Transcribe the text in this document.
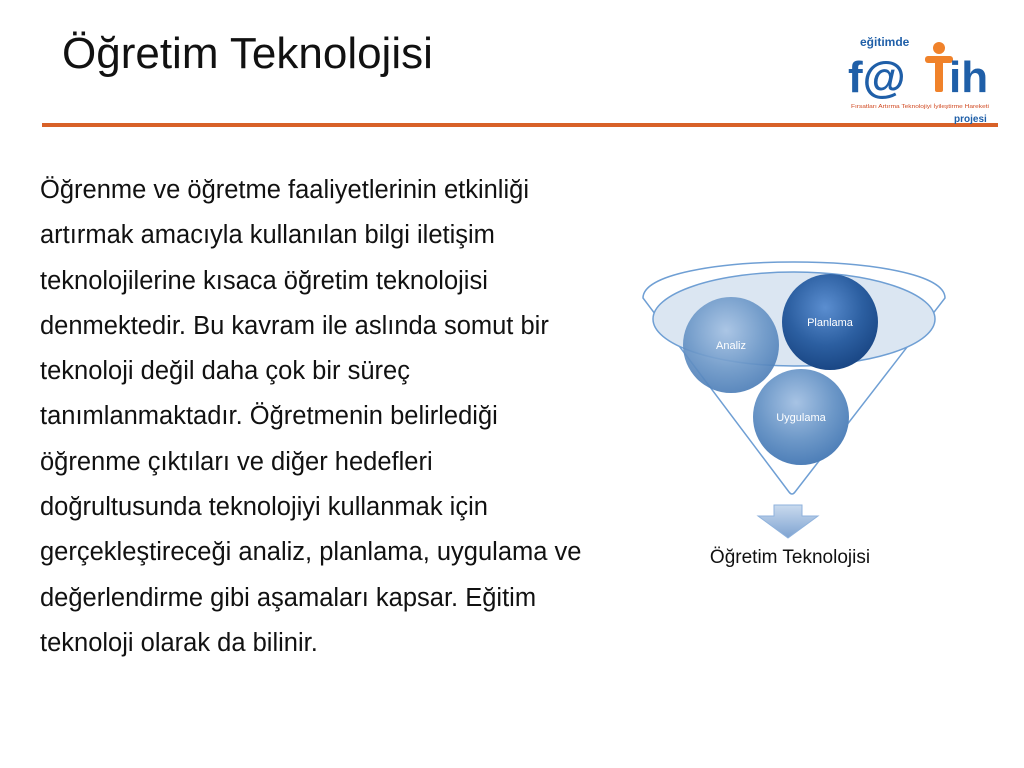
Öğretim Teknolojisi	eğitimde
f@ ih
Fırsatları Artırma Teknolojiyi İyileştirme Hareketi
projesi

Öğrenme ve öğretme faaliyetlerinin etkinliği artırmak amacıyla kullanılan bilgi iletişim teknolojilerine kısaca öğretim teknolojisi denmektedir. Bu kavram ile aslında somut bir teknoloji değil daha çok bir süreç tanımlanmaktadır. Öğretmenin belirlediği öğrenme çıktıları ve diğer hedefleri doğrultusunda teknolojiyi kullanmak için gerçekleştireceği analiz, planlama, uygulama ve değerlendirme gibi aşamaları kapsar. Eğitim teknoloji olarak da bilinir.

Analiz
Planlama
Uygulama
Öğretim Teknolojisi
